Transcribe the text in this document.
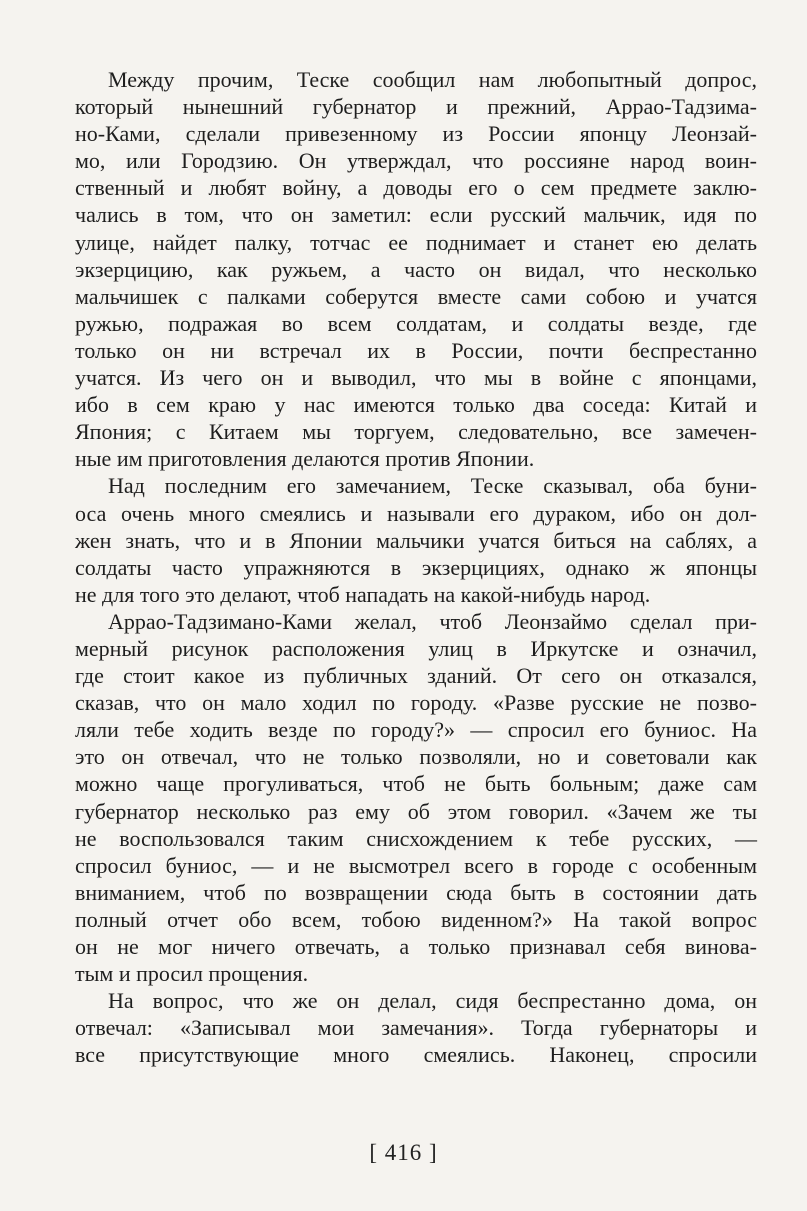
Между прочим, Теске сообщил нам любопытный допрос,
который нынешний губернатор и прежний, Аррао-Тадзима-
но-Ками, сделали привезенному из России японцу Леонзай-
мо, или Городзию. Он утверждал, что россияне народ воин-
ственный и любят войну, а доводы его о сем предмете заклю-
чались в том, что он заметил: если русский мальчик, идя по
улице, найдет палку, тотчас ее поднимает и станет ею делать
экзерцицию, как ружьем, а часто он видал, что несколько
мальчишек с палками соберутся вместе сами собою и учатся
ружью, подражая во всем солдатам, и солдаты везде, где
только он ни встречал их в России, почти беспрестанно
учатся. Из чего он и выводил, что мы в войне с японцами,
ибо в сем краю у нас имеются только два соседа: Китай и
Япония; с Китаем мы торгуем, следовательно, все замечен-
ные им приготовления делаются против Японии.
Над последним его замечанием, Теске сказывал, оба буни-
оса очень много смеялись и называли его дураком, ибо он дол-
жен знать, что и в Японии мальчики учатся биться на саблях, а
солдаты часто упражняются в экзерцициях, однако ж японцы
не для того это делают, чтоб нападать на какой-нибудь народ.
Аррао-Тадзимано-Ками желал, чтоб Леонзаймо сделал при-
мерный рисунок расположения улиц в Иркутске и означил,
где стоит какое из публичных зданий. От сего он отказался,
сказав, что он мало ходил по городу. «Разве русские не позво-
ляли тебе ходить везде по городу?» — спросил его буниос. На
это он отвечал, что не только позволяли, но и советовали как
можно чаще прогуливаться, чтоб не быть больным; даже сам
губернатор несколько раз ему об этом говорил. «Зачем же ты
не воспользовался таким снисхождением к тебе русских, —
спросил буниос, — и не высмотрел всего в городе с особенным
вниманием, чтоб по возвращении сюда быть в состоянии дать
полный отчет обо всем, тобою виденном?» На такой вопрос
он не мог ничего отвечать, а только признавал себя винова-
тым и просил прощения.
На вопрос, что же он делал, сидя беспрестанно дома, он
отвечал: «Записывал мои замечания». Тогда губернаторы и
все присутствующие много смеялись. Наконец, спросили
[ 416 ]
